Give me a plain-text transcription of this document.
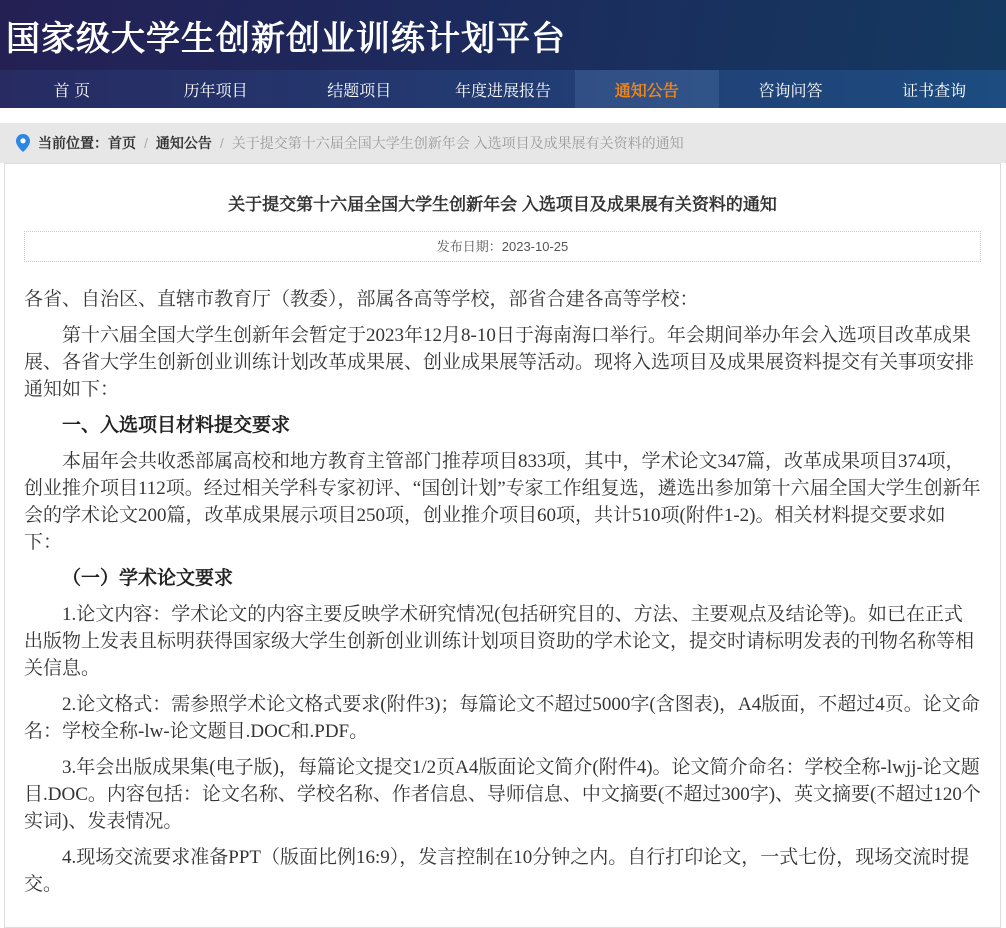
国家级大学生创新创业训练计划平台
首 页	历年项目	结题项目	年度进展报告	通知公告	咨询问答	证书查询
当前位置： 首页 / 通知公告 / 关于提交第十六届全国大学生创新年会 入选项目及成果展有关资料的通知
关于提交第十六届全国大学生创新年会 入选项目及成果展有关资料的通知
发布日期：2023-10-25

各省、自治区、直辖市教育厅（教委），部属各高等学校，部省合建各高等学校：

第十六届全国大学生创新年会暂定于2023年12月8-10日于海南海口举行。年会期间举办年会入选项目改革成果展、各省大学生创新创业训练计划改革成果展、创业成果展等活动。现将入选项目及成果展资料提交有关事项安排通知如下：

一、入选项目材料提交要求

本届年会共收悉部属高校和地方教育主管部门推荐项目833项，其中，学术论文347篇，改革成果项目374项，创业推介项目112项。经过相关学科专家初评、“国创计划”专家工作组复选，遴选出参加第十六届全国大学生创新年会的学术论文200篇，改革成果展示项目250项，创业推介项目60项，共计510项(附件1-2)。相关材料提交要求如下：

（一）学术论文要求

1.论文内容：学术论文的内容主要反映学术研究情况(包括研究目的、方法、主要观点及结论等)。如已在正式出版物上发表且标明获得国家级大学生创新创业训练计划项目资助的学术论文，提交时请标明发表的刊物名称等相关信息。

2.论文格式：需参照学术论文格式要求(附件3)；每篇论文不超过5000字(含图表)，A4版面，不超过4页。论文命名：学校全称-lw-论文题目.DOC和.PDF。

3.年会出版成果集(电子版)，每篇论文提交1/2页A4版面论文简介(附件4)。论文简介命名：学校全称-lwjj-论文题目.DOC。内容包括：论文名称、学校名称、作者信息、导师信息、中文摘要(不超过300字)、英文摘要(不超过120个实词)、发表情况。

4.现场交流要求准备PPT（版面比例16:9），发言控制在10分钟之内。自行打印论文，一式七份，现场交流时提交。
